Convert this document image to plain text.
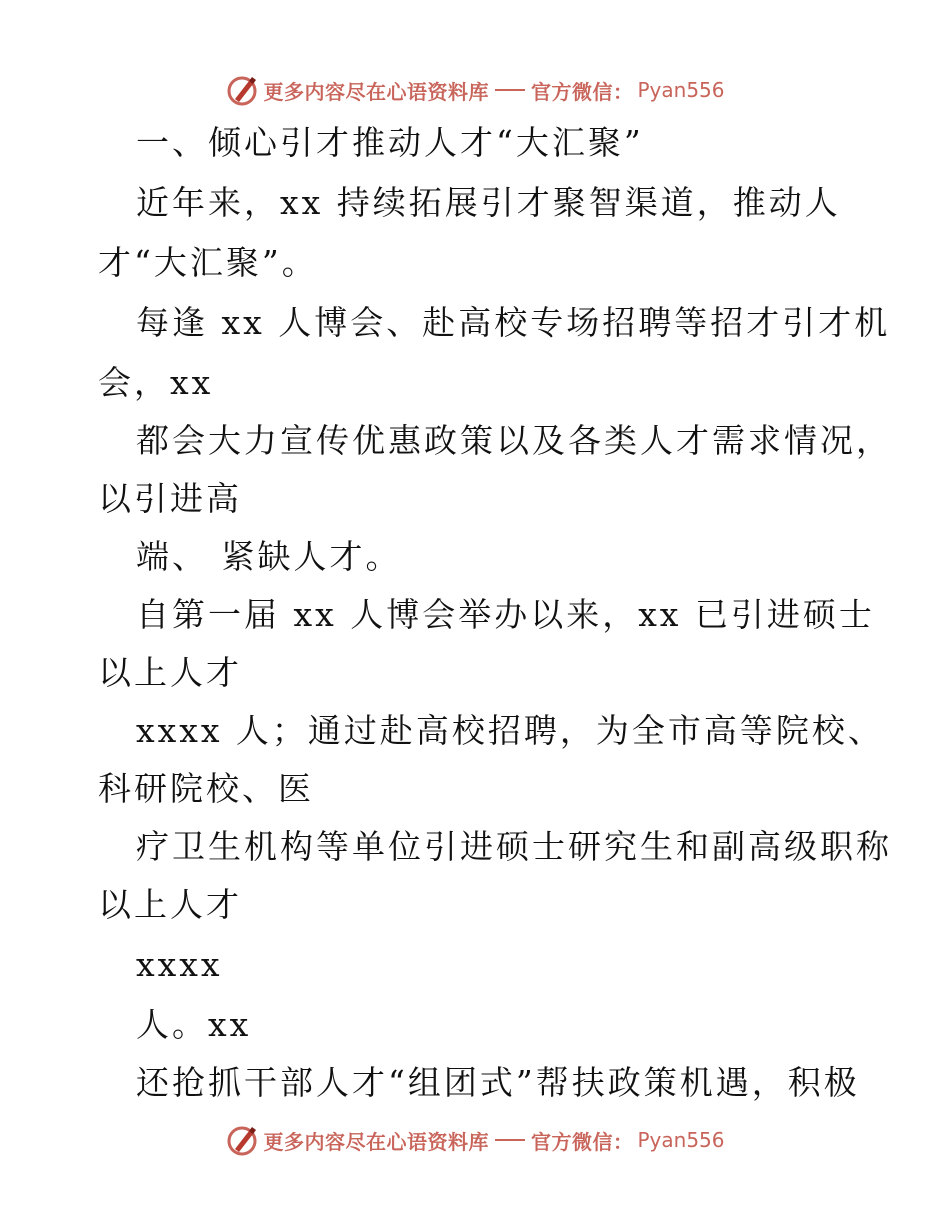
更多内容尽在心语资料库 官方微信： Pyan556
一、倾心引才推动人才“大汇聚”
近年来，xx 持续拓展引才聚智渠道，推动人
才“大汇聚”。
每逢 xx 人博会、赴高校专场招聘等招才引才机
会，xx
都会大力宣传优惠政策以及各类人才需求情况，
以引进高
端、 紧缺人才。
自第一届 xx 人博会举办以来，xx 已引进硕士
以上人才
xxxx 人；通过赴高校招聘，为全市高等院校、
科研院校、医
疗卫生机构等单位引进硕士研究生和副高级职称
以上人才
xxxx
人。xx
还抢抓干部人才“组团式”帮扶政策机遇，积极
更多内容尽在心语资料库 官方微信： Pyan556
